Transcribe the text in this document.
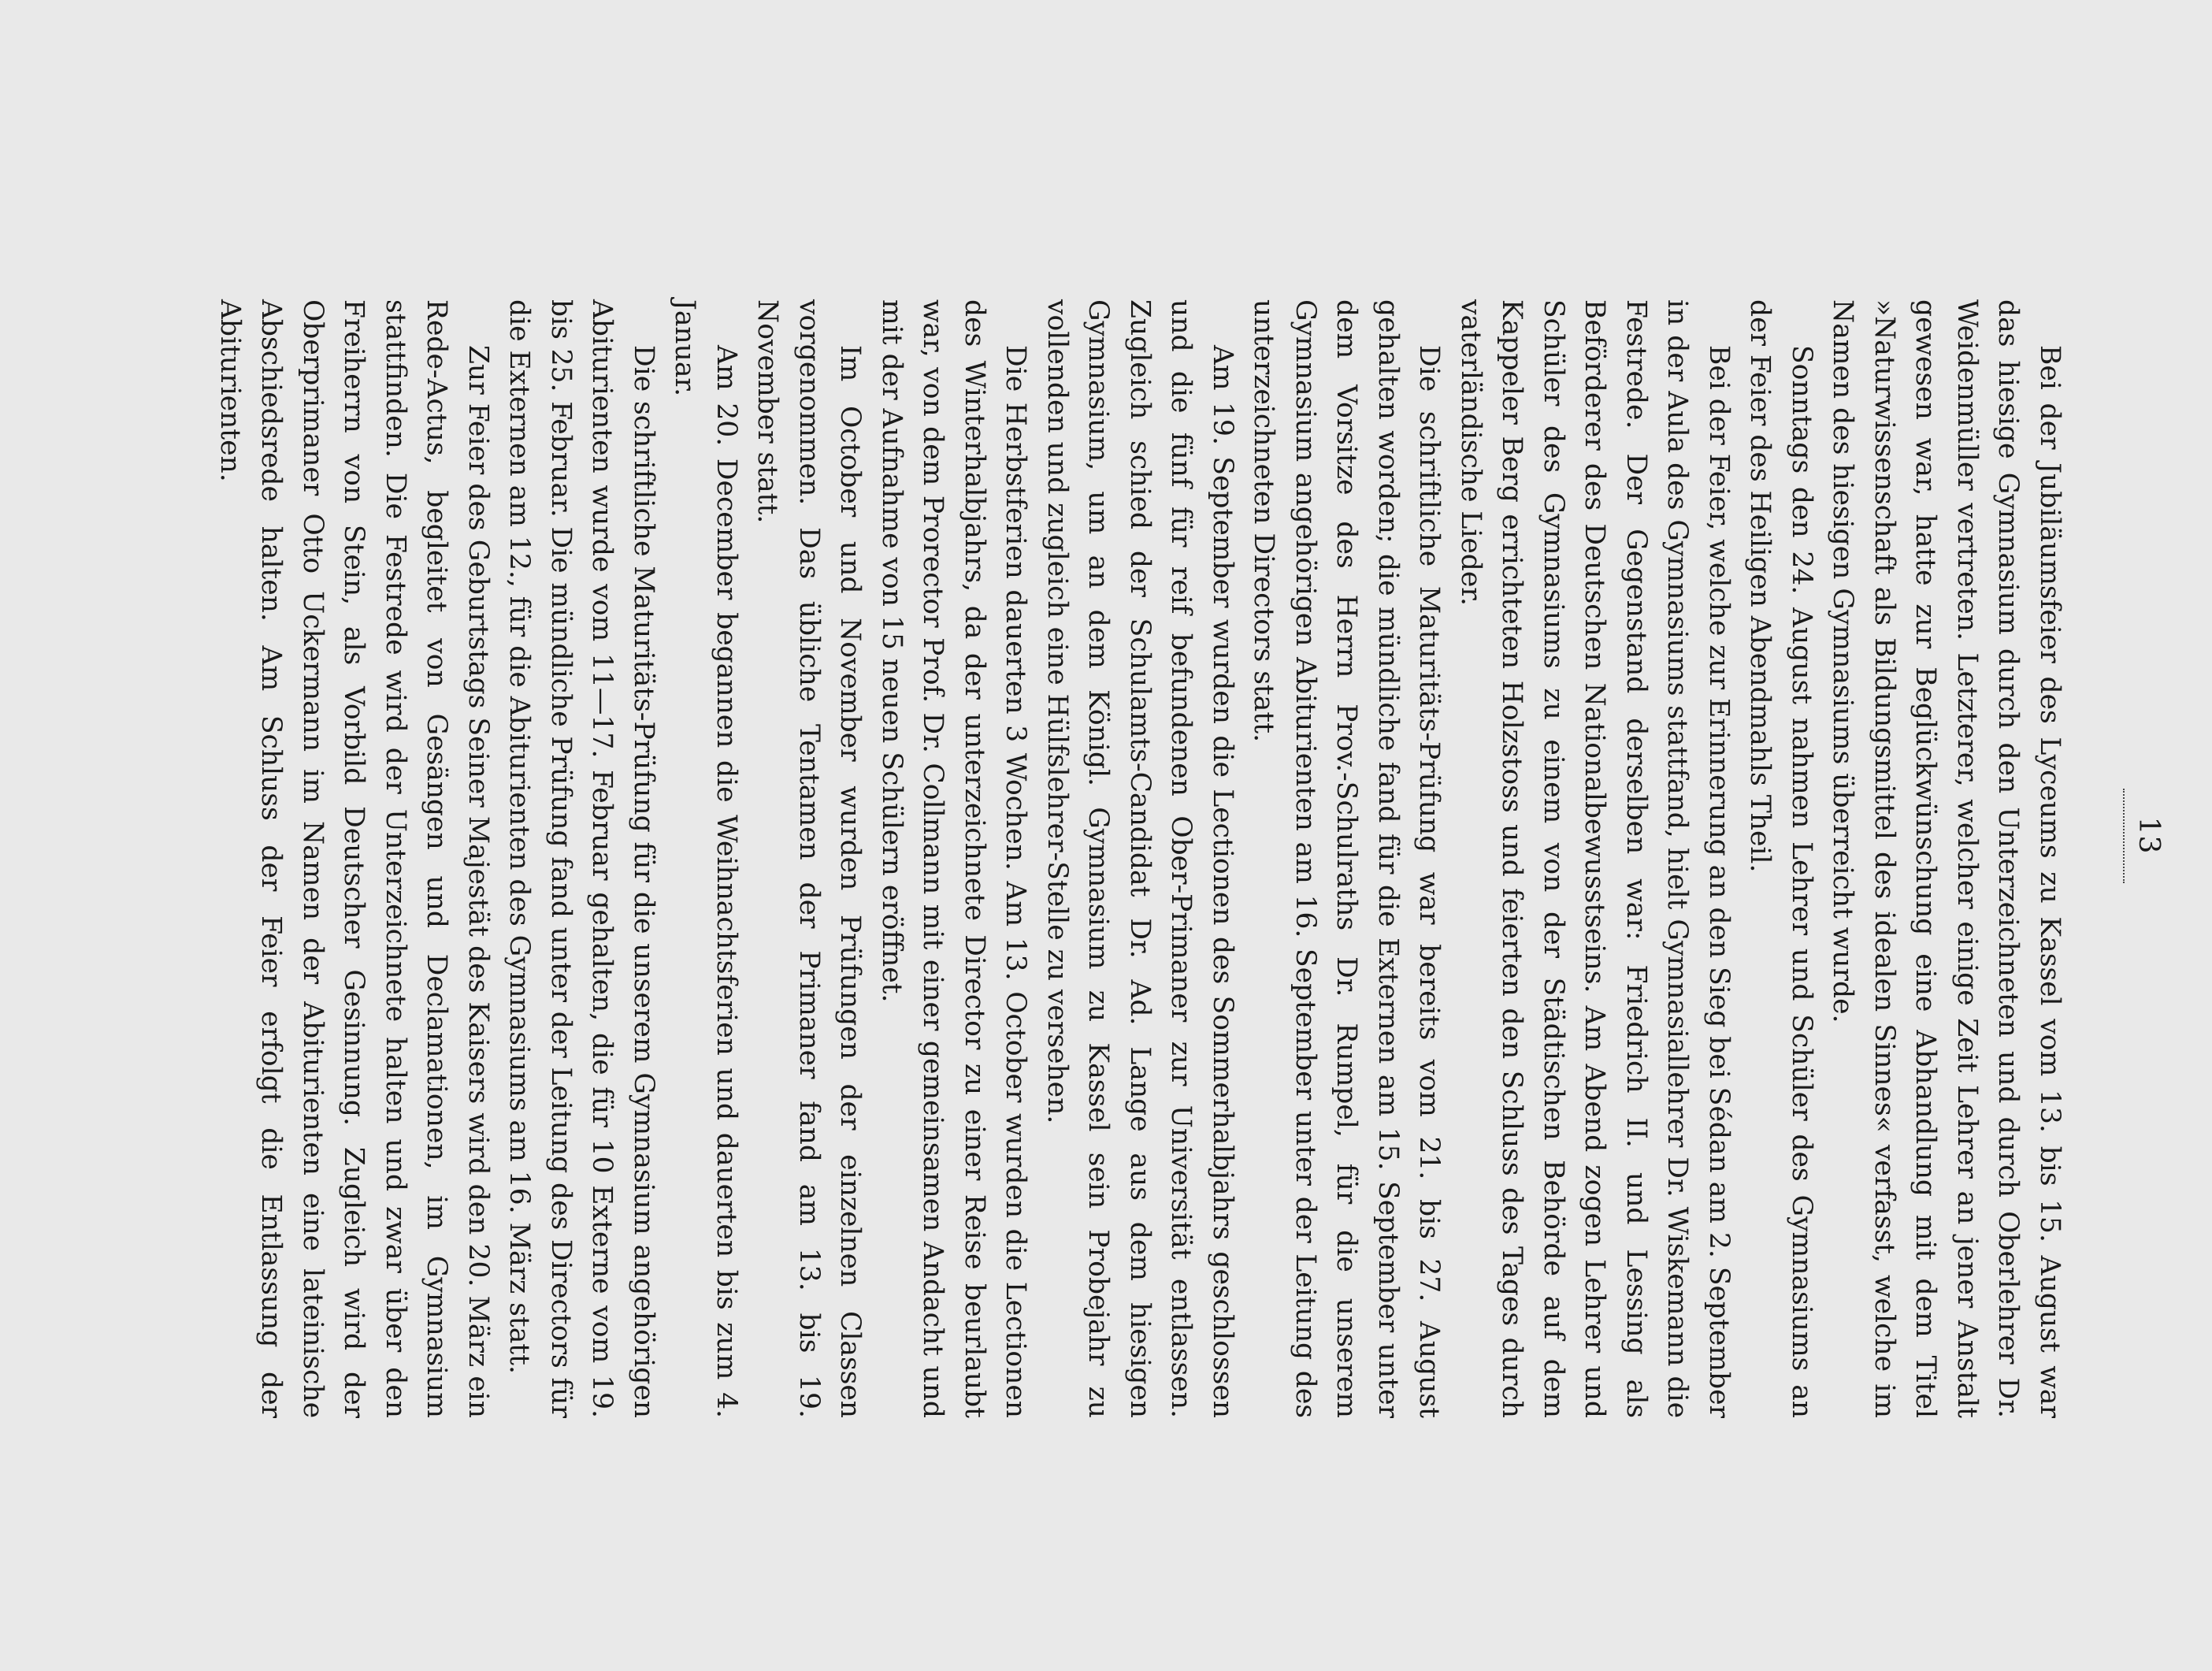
13

Bei der Jubiläumsfeier des Lyceums zu Kassel vom 13. bis 15. August war das hiesige Gymnasium durch den Unterzeichneten und durch Oberlehrer Dr. Weidenmüller vertreten. Letzterer, welcher einige Zeit Lehrer an jener Anstalt gewesen war, hatte zur Beglückwünschung eine Abhandlung mit dem Titel »Naturwissenschaft als Bildungsmittel des idealen Sinnes« verfasst, welche im Namen des hiesigen Gymnasiums überreicht wurde.

Sonntags den 24. August nahmen Lehrer und Schüler des Gymnasiums an der Feier des Heiligen Abendmahls Theil.

Bei der Feier, welche zur Erinnerung an den Sieg bei Sédan am 2. September in der Aula des Gymnasiums stattfand, hielt Gymnasiallehrer Dr. Wiskemann die Festrede. Der Gegenstand derselben war: Friedrich II. und Lessing als Beförderer des Deutschen Nationalbewusstseins. Am Abend zogen Lehrer und Schüler des Gymnasiums zu einem von der Städtischen Behörde auf dem Kappeler Berg errichteten Holzstoss und feierten den Schluss des Tages durch vaterländische Lieder.

Die schriftliche Maturitäts-Prüfung war bereits vom 21. bis 27. August gehalten worden; die mündliche fand für die Externen am 15. September unter dem Vorsitze des Herrn Prov.-Schulraths Dr. Rumpel, für die unserem Gymnasium angehörigen Abiturienten am 16. September unter der Leitung des unterzeichneten Directors statt.

Am 19. September wurden die Lectionen des Sommerhalbjahrs geschlossen und die fünf für reif befundenen Ober-Primaner zur Universität entlassen. Zugleich schied der Schulamts-Candidat Dr. Ad. Lange aus dem hiesigen Gymnasium, um an dem Königl. Gymnasium zu Kassel sein Probejahr zu vollenden und zugleich eine Hülfslehrer-Stelle zu versehen.

Die Herbstferien dauerten 3 Wochen. Am 13. October wurden die Lectionen des Winterhalbjahrs, da der unterzeichnete Director zu einer Reise beurlaubt war, von dem Prorector Prof. Dr. Collmann mit einer gemeinsamen Andacht und mit der Aufnahme von 15 neuen Schülern eröffnet.

Im October und November wurden Prüfungen der einzelnen Classen vorgenommen. Das übliche Tentamen der Primaner fand am 13. bis 19. November statt.

Am 20. December begannen die Weihnachtsferien und dauerten bis zum 4. Januar.

Die schriftliche Maturitäts-Prüfung für die unserem Gymnasium angehörigen Abiturienten wurde vom 11—17. Februar gehalten, die für 10 Externe vom 19. bis 25. Februar. Die mündliche Prüfung fand unter der Leitung des Directors für die Externen am 12., für die Abiturienten des Gymnasiums am 16. März statt.

Zur Feier des Geburtstags Seiner Majestät des Kaisers wird den 20. März ein Rede-Actus, begleitet von Gesängen und Declamationen, im Gymnasium stattfinden. Die Festrede wird der Unterzeichnete halten und zwar über den Freiherrn von Stein, als Vorbild Deutscher Gesinnung. Zugleich wird der Oberprimaner Otto Uckermann im Namen der Abiturienten eine lateinische Abschiedsrede halten. Am Schluss der Feier erfolgt die Entlassung der Abiturienten.
